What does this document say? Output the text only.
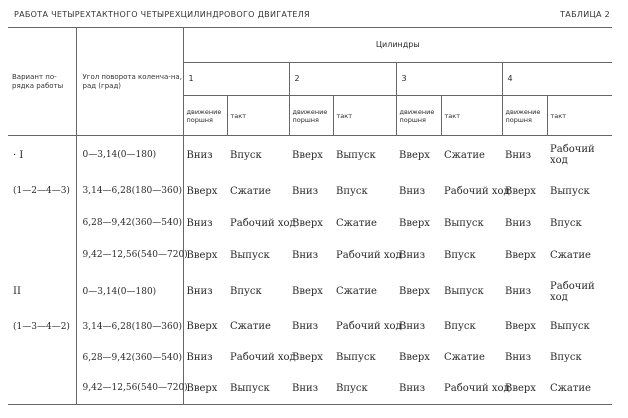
РАБОТА ЧЕТЫРЕХТАКТНОГО ЧЕТЫРЕХЦИЛИНДРОВОГО ДВИГАТЕЛЯ	ТАБЛИЦА 2
Вариант по-рядка работы	Угол поворота коленча-на, рад (град)	Цилиндры							
		1		2		3		4	
		движение поршня	такт	движение поршня	такт	движение поршня	такт	движение поршня	такт
· I	0—3,14(0—180)	Вниз	Впуск	Вверх	Выпуск	Вверх	Сжатие	Вниз	Рабочий ход
(1—2—4—3)	3,14—6,28(180—360)	Вверх	Сжатие	Вниз	Впуск	Вниз	Рабочий ход	Вверх	Выпуск
	6,28—9,42(360—540)	Вниз	Рабочий ход	Вверх	Сжатие	Вверх	Выпуск	Вниз	Впуск
	9,42—12,56(540—720)	Вверх	Выпуск	Вниз	Рабочий ход	Вниз	Впуск	Вверх	Сжатие
II	0—3,14(0—180)	Вниз	Впуск	Вверх	Сжатие	Вверх	Выпуск	Вниз	Рабочий ход
(1—3—4—2)	3,14—6,28(180—360)	Вверх	Сжатие	Вниз	Рабочий ход	Вниз	Впуск	Вверх	Выпуск
	6,28—9,42(360—540)	Вниз	Рабочий ход	Вверх	Выпуск	Вверх	Сжатие	Вниз	Впуск
	9,42—12,56(540—720)	Вверх	Выпуск	Вниз	Впуск	Вниз	Рабочий ход	Вверх	Сжатие
